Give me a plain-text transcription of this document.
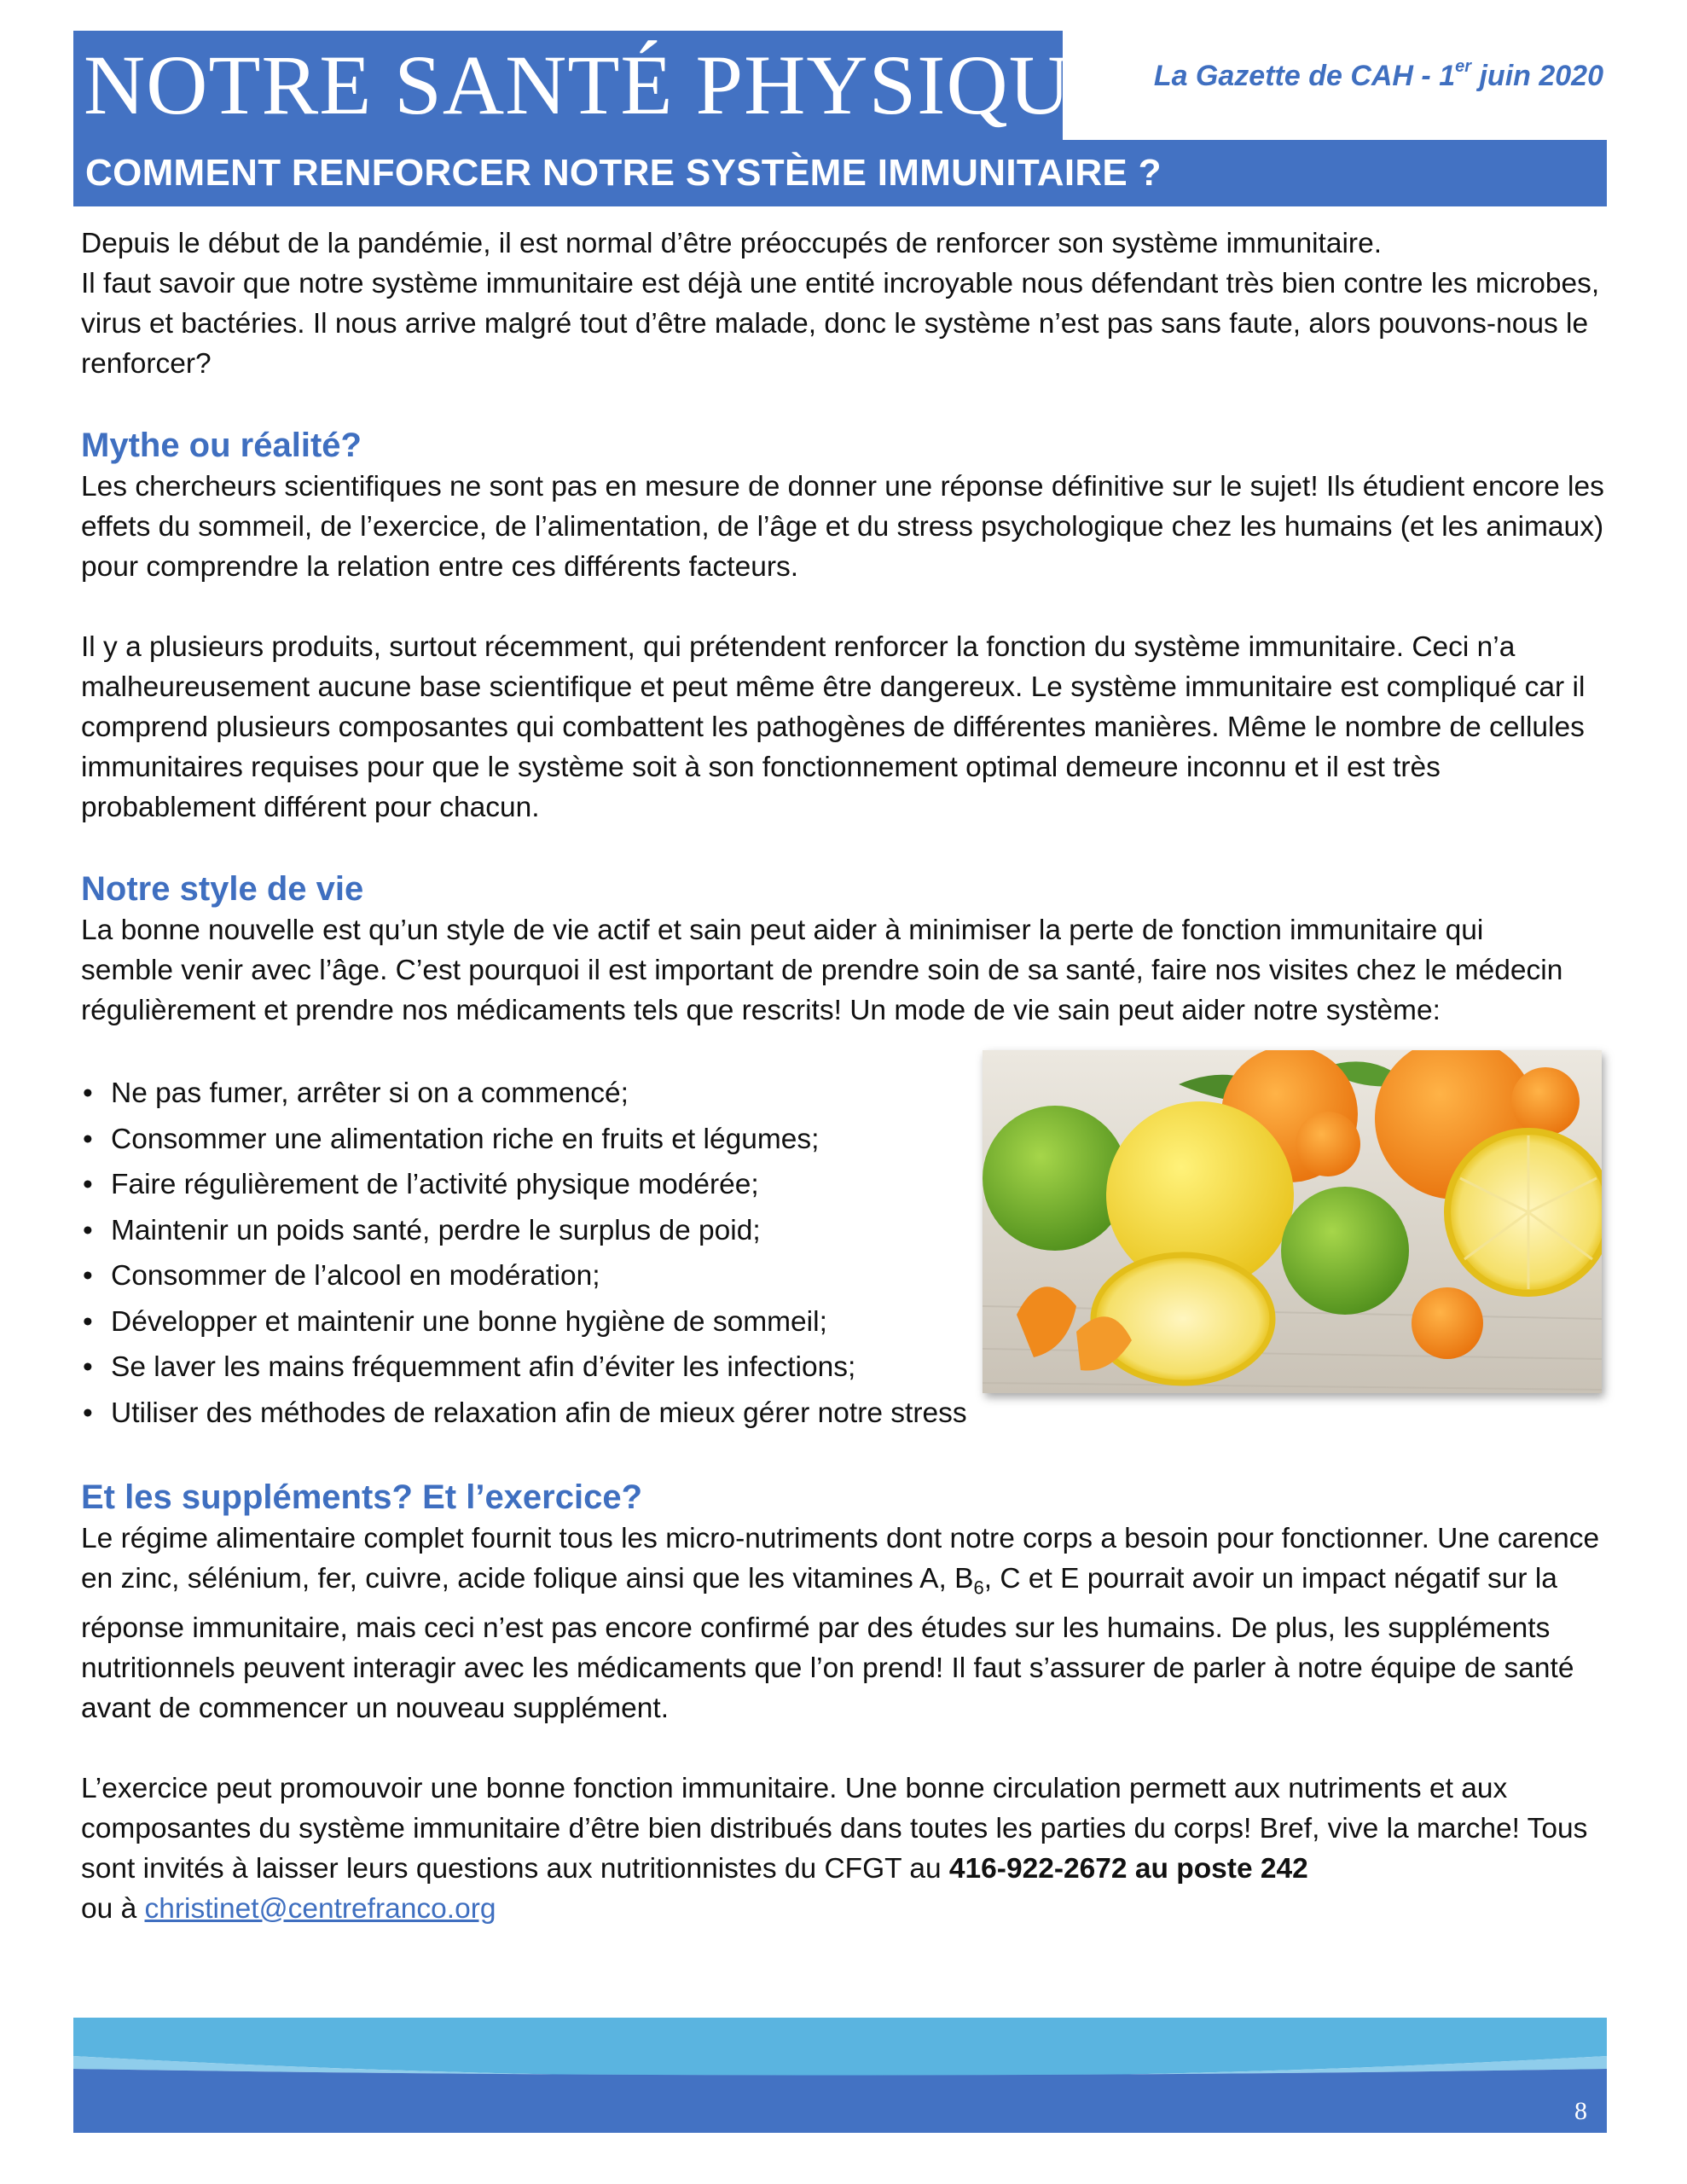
NOTRE SANTÉ PHYSIQUE	La Gazette de CAH - 1er juin 2020
COMMENT RENFORCER NOTRE SYSTÈME IMMUNITAIRE ?

Depuis le début de la pandémie, il est normal d’être préoccupés de renforcer son système immunitaire.
Il faut savoir que notre système immunitaire est déjà une entité incroyable nous défendant très bien contre les microbes, virus et bactéries. Il nous arrive malgré tout d’être malade, donc le système n’est pas sans faute, alors pouvons-nous le renforcer?

Mythe ou réalité?

Les chercheurs scientifiques ne sont pas en mesure de donner une réponse définitive sur le sujet! Ils étudient encore les effets du sommeil, de l’exercice, de l’alimentation, de l’âge et du stress psychologique chez les humains (et les animaux) pour comprendre la relation entre ces différents facteurs.

Il y a plusieurs produits, surtout récemment, qui prétendent renforcer la fonction du système immunitaire. Ceci n’a malheureusement aucune base scientifique et peut même être dangereux. Le système immunitaire est compliqué car il comprend plusieurs composantes qui combattent les pathogènes de différentes manières. Même le nombre de cellules immunitaires requises pour que le système soit à son fonctionnement optimal demeure inconnu et il est très probablement différent pour chacun.

Notre style de vie

La bonne nouvelle est qu’un style de vie actif et sain peut aider à minimiser la perte de fonction immunitaire qui semble venir avec l’âge. C’est pourquoi il est important de prendre soin de sa santé, faire nos visites chez le médecin régulièrement et prendre nos médicaments tels que rescrits! Un mode de vie sain peut aider notre système:

• Ne pas fumer, arrêter si on a commencé;
• Consommer une alimentation riche en fruits et légumes;
• Faire régulièrement de l’activité physique modérée;
• Maintenir un poids santé, perdre le surplus de poid;
• Consommer de l’alcool en modération;
• Développer et maintenir une bonne hygiène de sommeil;
• Se laver les mains fréquemment afin d’éviter les infections;
• Utiliser des méthodes de relaxation afin de mieux gérer notre stress

Et les suppléments? Et l’exercice?

Le régime alimentaire complet fournit tous les micro-nutriments dont notre corps a besoin pour fonctionner. Une carence en zinc, sélénium, fer, cuivre, acide folique ainsi que les vitamines A, $B_6$, C et E pourrait avoir un impact négatif sur la réponse immunitaire, mais ceci n’est pas encore confirmé par des études sur les humains. De plus, les suppléments nutritionnels peuvent interagir avec les médicaments que l’on prend! Il faut s’assurer de parler à notre équipe de santé avant de commencer un nouveau supplément.

L’exercice peut promouvoir une bonne fonction immunitaire. Une bonne circulation permett aux nutriments et aux composantes du système immunitaire d’être bien distribués dans toutes les parties du corps! Bref, vive la marche! Tous sont invités à laisser leurs questions aux nutritionnistes du CFGT au 416-922-2672 au poste 242
ou à christinet@centrefranco.org

8
